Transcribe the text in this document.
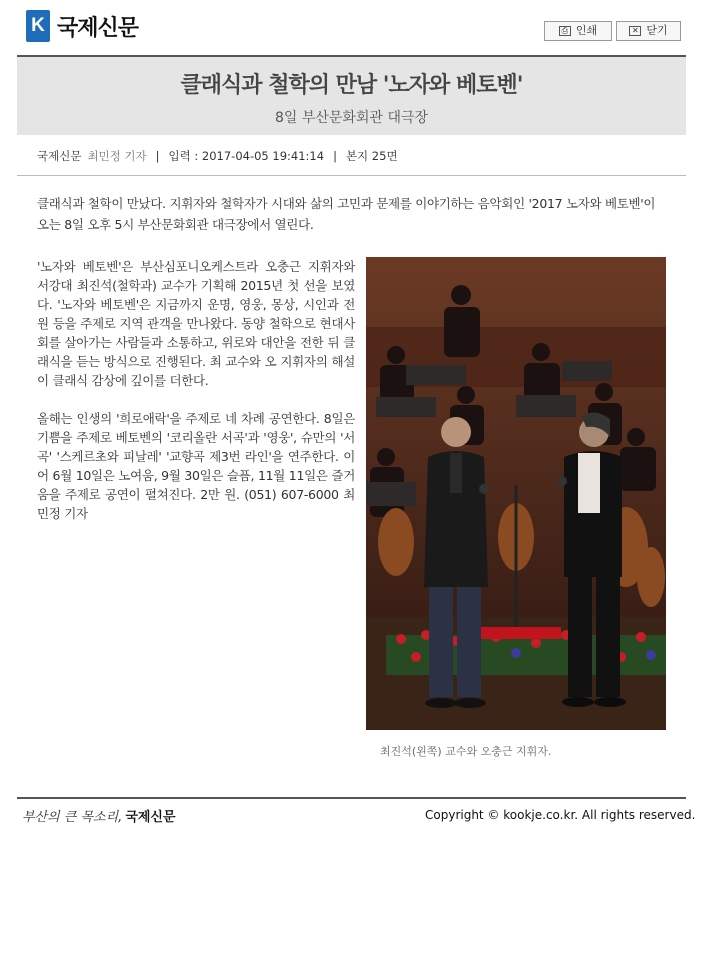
K 국제신문	⎙ 인쇄	✕ 닫기
클래식과 철학의 만남 '노자와 베토벤'
8일 부산문화회관 대극장
국제신문 최민정 기자 | 입력 : 2017-04-05 19:41:14 | 본지 25면
클래식과 철학이 만났다. 지휘자와 철학자가 시대와 삶의 고민과 문제를 이야기하는 음악회인 '2017 노자와 베토벤'이 오는 8일 오후 5시 부산문화회관 대극장에서 열린다.

'노자와 베토벤'은 부산심포니오케스트라 오충근 지휘자와 서강대 최진석(철학과) 교수가 기획해 2015년 첫 선을 보였다. '노자와 베토벤'은 지금까지 운명, 영웅, 몽상, 시인과 전원 등을 주제로 지역 관객을 만나왔다. 동양 철학으로 현대사회를 살아가는 사람들과 소통하고, 위로와 대안을 전한 뒤 클래식을 듣는 방식으로 진행된다. 최 교수와 오 지휘자의 해설이 클래식 감상에 깊이를 더한다.

올해는 인생의 '희로애락'을 주제로 네 차례 공연한다. 8일은 기쁨을 주제로 베토벤의 '코리올란 서곡'과 '영웅', 슈만의 '서곡' '스케르초와 피날레' '교향곡 제3번 라인'을 연주한다. 이어 6월 10일은 노여움, 9월 30일은 슬픔, 11월 11일은 즐거움을 주제로 공연이 펼쳐진다. 2만 원. (051) 607-6000 최민정 기자

최진석(왼쪽) 교수와 오충근 지휘자.
부산의 큰 목소리, 국제신문	Copyright © kookje.co.kr. All rights reserved.
